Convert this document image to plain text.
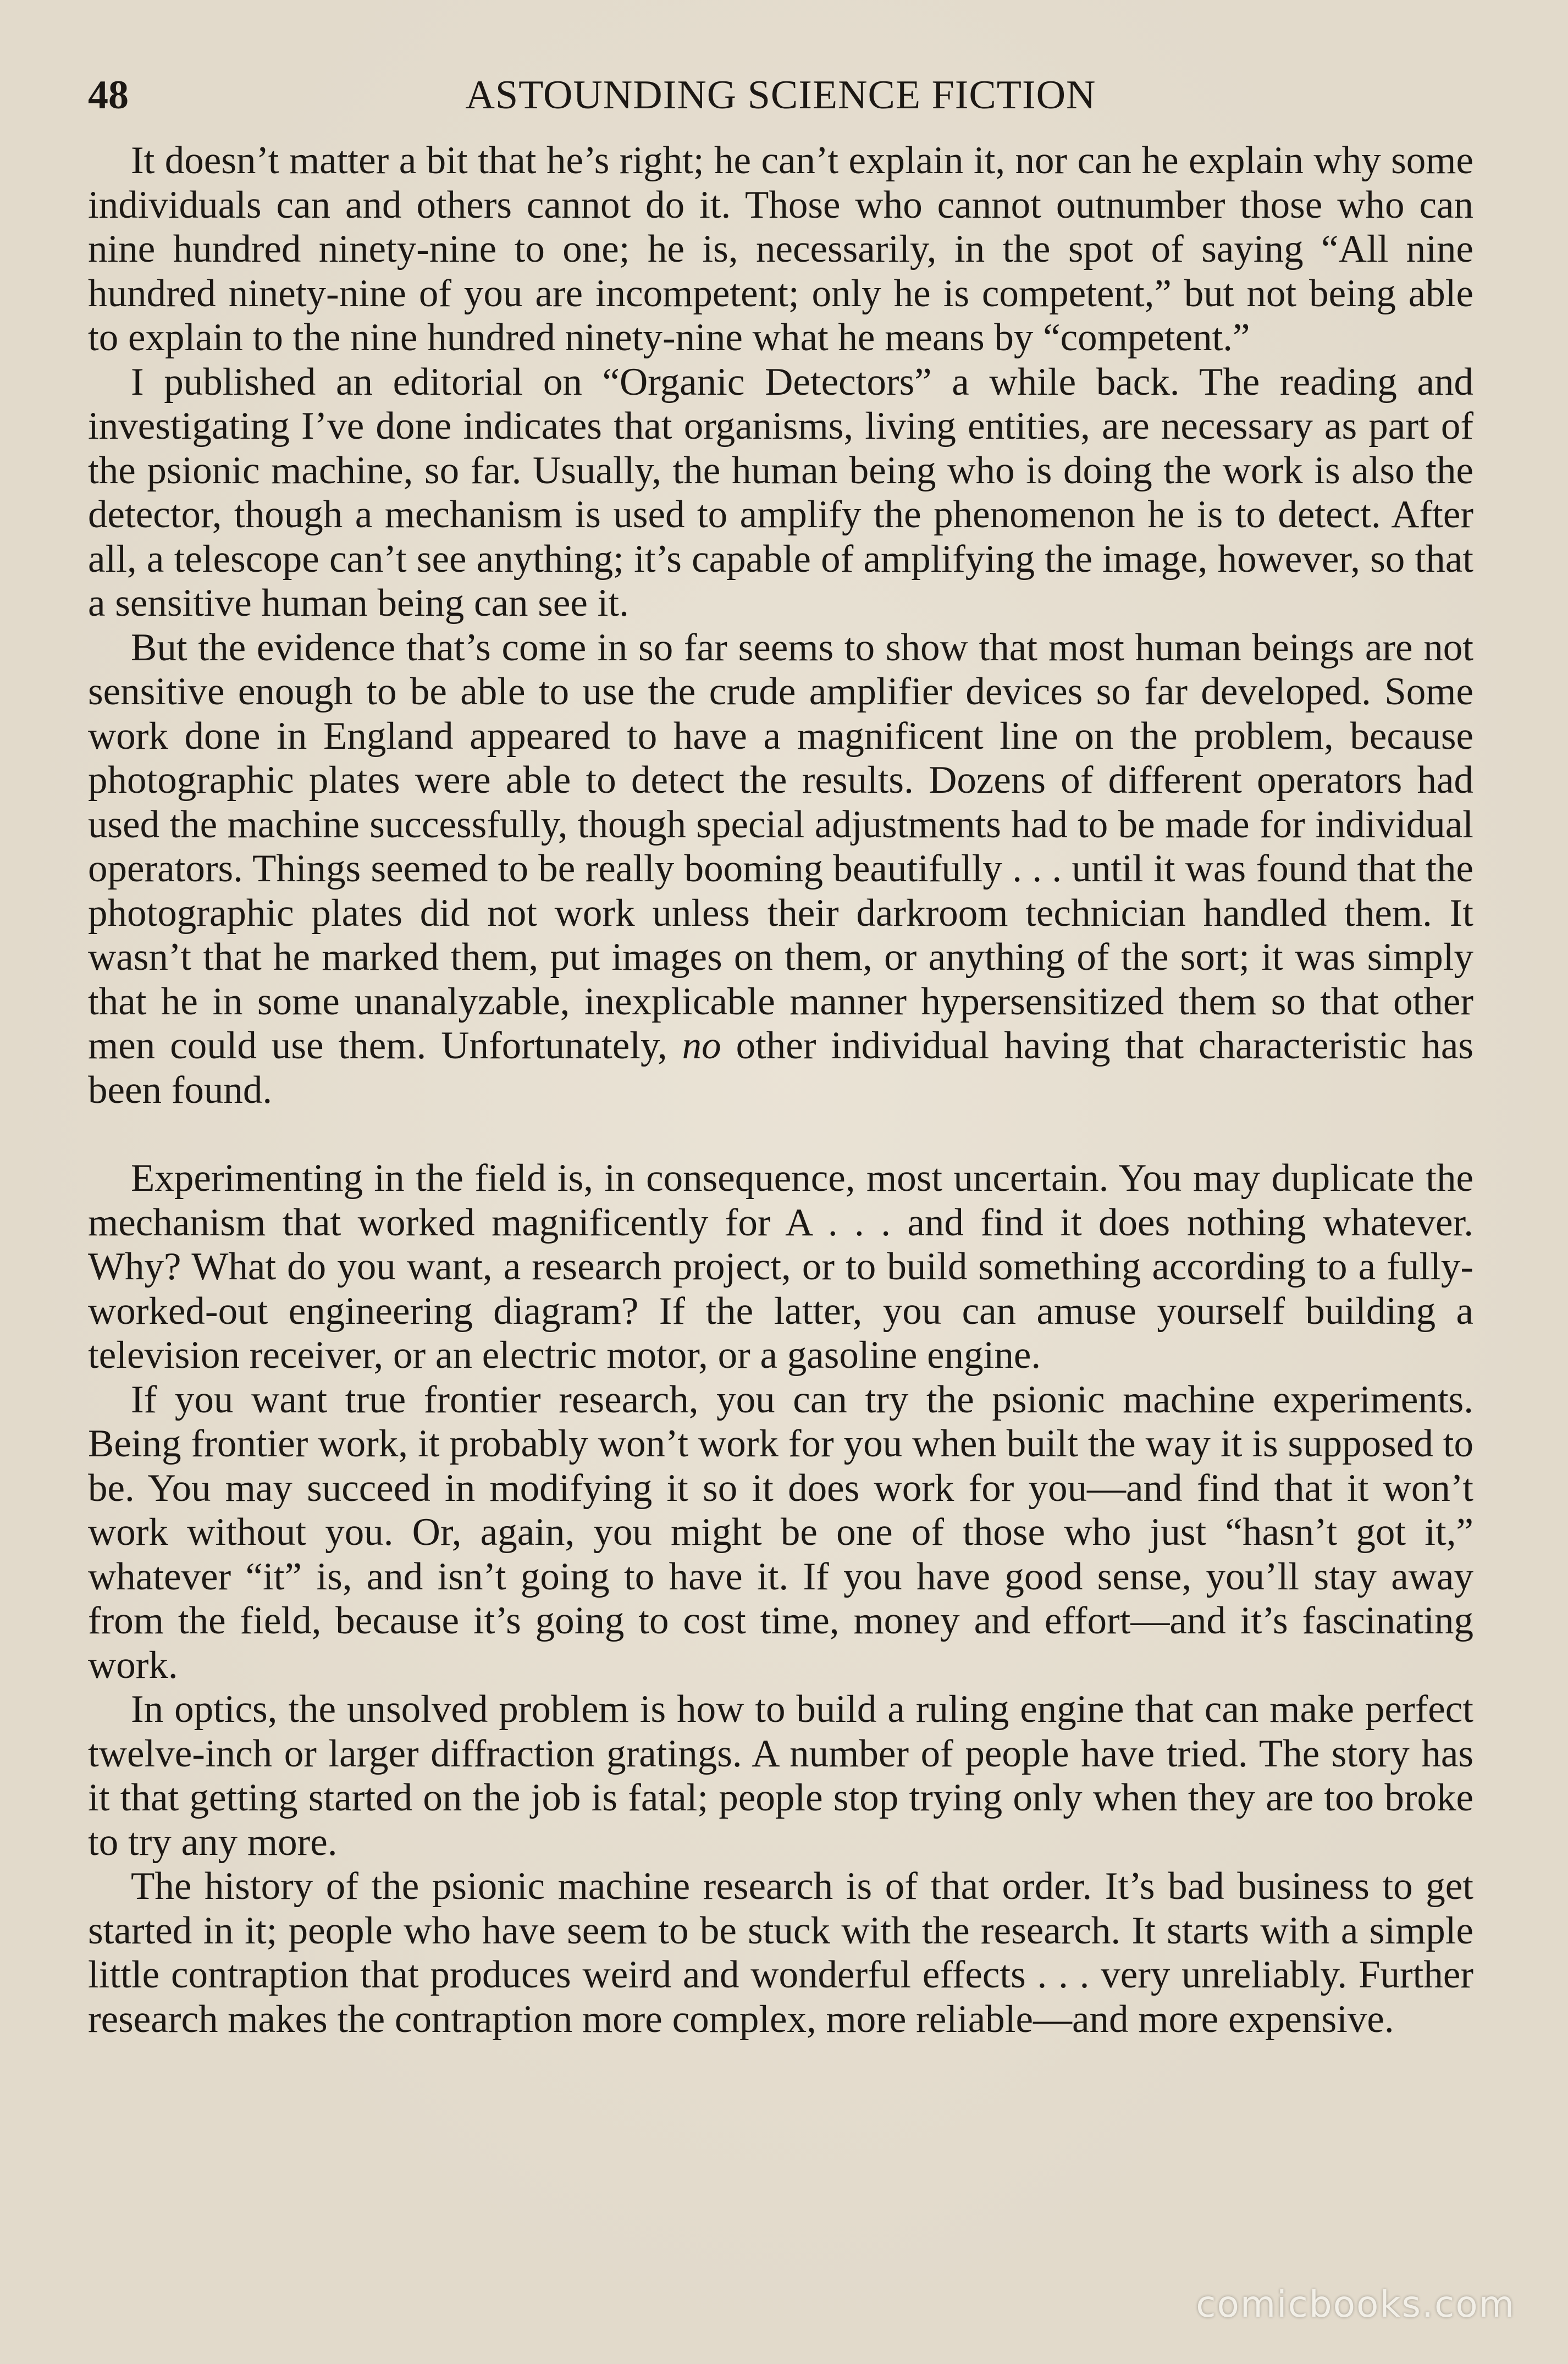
48	ASTOUNDING SCIENCE FICTION

It doesn’t matter a bit that he’s right; he can’t explain it, nor can he explain why some individuals can and others cannot do it. Those who cannot outnumber those who can nine hundred ninety-nine to one; he is, necessarily, in the spot of saying “All nine hundred ninety-nine of you are incompetent; only he is competent,” but not being able to explain to the nine hundred ninety-nine what he means by “competent.”

I published an editorial on “Organic Detectors” a while back. The reading and investigating I’ve done indicates that organisms, living entities, are necessary as part of the psionic machine, so far. Usually, the human being who is doing the work is also the detector, though a mechanism is used to amplify the phenomenon he is to detect. After all, a telescope can’t see anything; it’s capable of amplifying the image, however, so that a sensitive human being can see it.

But the evidence that’s come in so far seems to show that most human beings are not sensitive enough to be able to use the crude amplifier devices so far developed. Some work done in England appeared to have a magnificent line on the problem, because photographic plates were able to detect the results. Dozens of different operators had used the machine successfully, though special adjustments had to be made for individual operators. Things seemed to be really booming beautifully . . . until it was found that the photographic plates did not work unless their darkroom technician handled them. It wasn’t that he marked them, put images on them, or anything of the sort; it was simply that he in some unanalyzable, inexplicable manner hypersensitized them so that other men could use them. Unfortunately, no other individual having that characteristic has been found.

Experimenting in the field is, in consequence, most uncertain. You may duplicate the mechanism that worked magnificently for A . . . and find it does nothing whatever. Why? What do you want, a research project, or to build something according to a fully-worked-out engineering diagram? If the latter, you can amuse yourself building a television receiver, or an electric motor, or a gasoline engine.

If you want true frontier research, you can try the psionic machine experiments. Being frontier work, it probably won’t work for you when built the way it is supposed to be. You may succeed in modifying it so it does work for you—and find that it won’t work without you. Or, again, you might be one of those who just “hasn’t got it,” whatever “it” is, and isn’t going to have it. If you have good sense, you’ll stay away from the field, because it’s going to cost time, money and effort—and it’s fascinating work.

In optics, the unsolved problem is how to build a ruling engine that can make perfect twelve-inch or larger diffraction gratings. A number of people have tried. The story has it that getting started on the job is fatal; people stop trying only when they are too broke to try any more.

The history of the psionic machine research is of that order. It’s bad business to get started in it; people who have seem to be stuck with the research. It starts with a simple little contraption that produces weird and wonderful effects . . . very unreliably. Further research makes the contraption more complex, more reliable—and more expensive.

comicbooks.com
